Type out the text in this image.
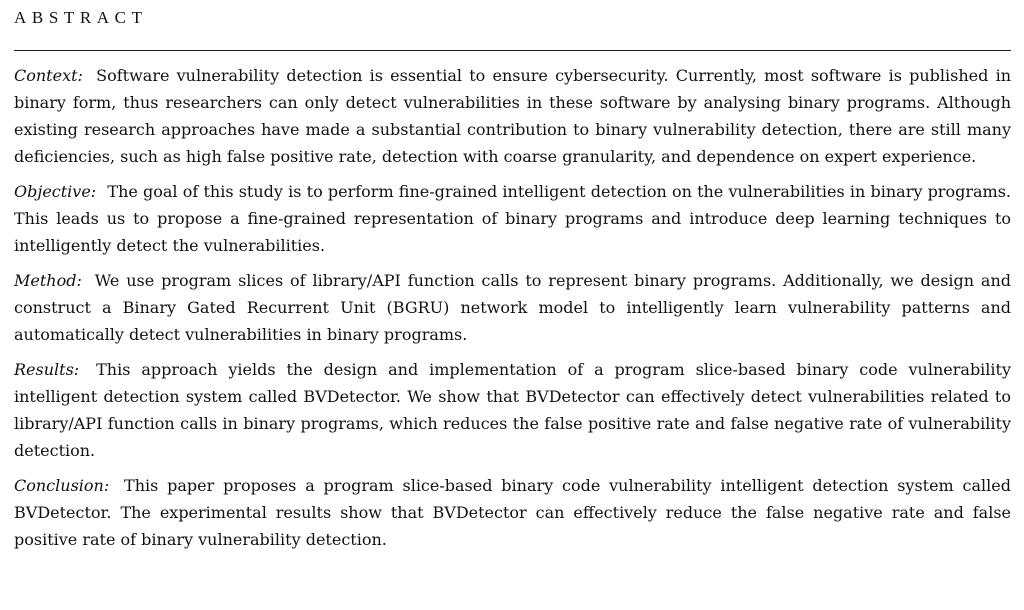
ABSTRACT

Context: Software vulnerability detection is essential to ensure cybersecurity. Currently, most software is published in binary form, thus researchers can only detect vulnerabilities in these software by analysing binary programs. Although existing research approaches have made a substantial contribution to binary vulnerability detection, there are still many deficiencies, such as high false positive rate, detection with coarse granularity, and dependence on expert experience.

Objective: The goal of this study is to perform fine-grained intelligent detection on the vulnerabilities in binary programs. This leads us to propose a fine-grained representation of binary programs and introduce deep learning techniques to intelligently detect the vulnerabilities.

Method: We use program slices of library/API function calls to represent binary programs. Additionally, we design and construct a Binary Gated Recurrent Unit (BGRU) network model to intelligently learn vulnerability patterns and automatically detect vulnerabilities in binary programs.

Results: This approach yields the design and implementation of a program slice-based binary code vulnerability intelligent detection system called BVDetector. We show that BVDetector can effectively detect vulnerabilities related to library/API function calls in binary programs, which reduces the false positive rate and false negative rate of vulnerability detection.

Conclusion: This paper proposes a program slice-based binary code vulnerability intelligent detection system called BVDetector. The experimental results show that BVDetector can effectively reduce the false negative rate and false positive rate of binary vulnerability detection.
